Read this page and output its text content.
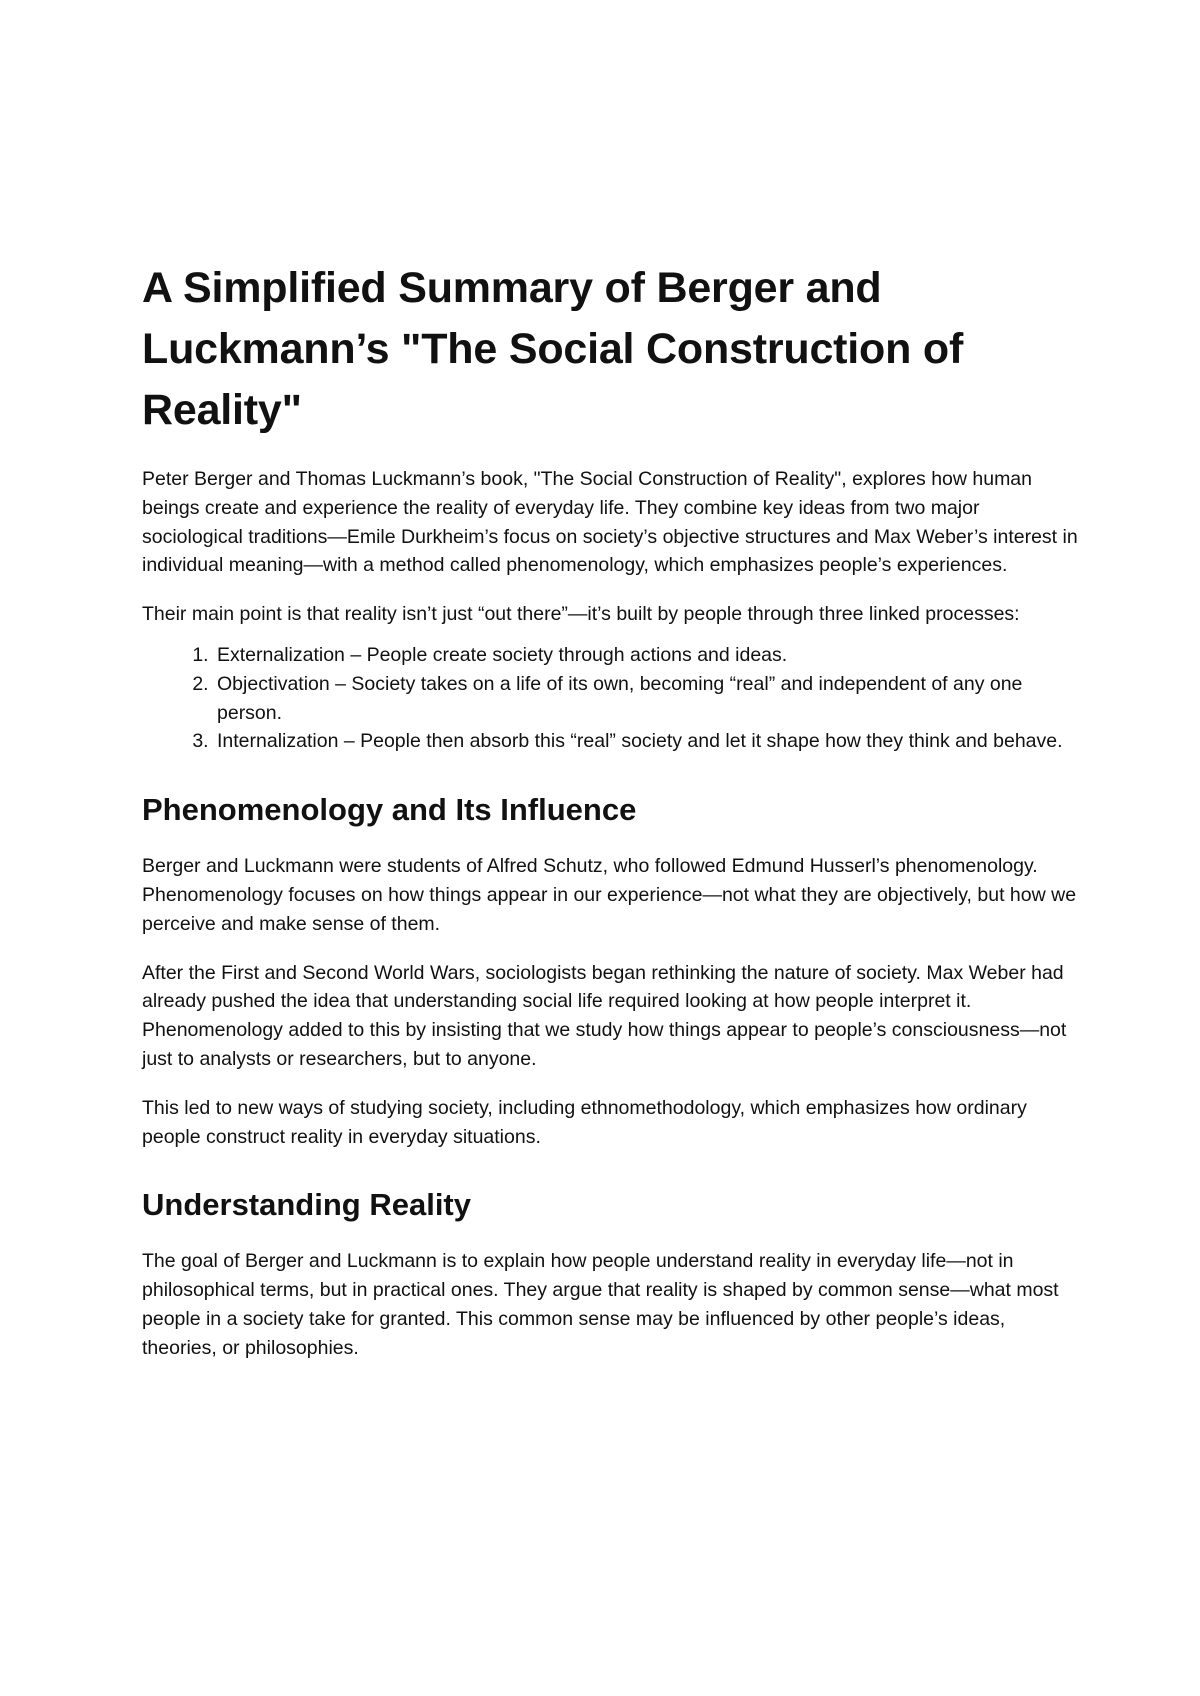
A Simplified Summary of Berger and Luckmann’s "The Social Construction of Reality"

Peter Berger and Thomas Luckmann’s book, "The Social Construction of Reality", explores how human beings create and experience the reality of everyday life. They combine key ideas from two major sociological traditions—Emile Durkheim’s focus on society’s objective structures and Max Weber’s interest in individual meaning—with a method called phenomenology, which emphasizes people’s experiences.

Their main point is that reality isn’t just “out there”—it’s built by people through three linked processes:

1. Externalization – People create society through actions and ideas.
2. Objectivation – Society takes on a life of its own, becoming “real” and independent of any one person.
3. Internalization – People then absorb this “real” society and let it shape how they think and behave.
Phenomenology and Its Influence

Berger and Luckmann were students of Alfred Schutz, who followed Edmund Husserl’s phenomenology. Phenomenology focuses on how things appear in our experience—not what they are objectively, but how we perceive and make sense of them.

After the First and Second World Wars, sociologists began rethinking the nature of society. Max Weber had already pushed the idea that understanding social life required looking at how people interpret it. Phenomenology added to this by insisting that we study how things appear to people’s consciousness—not just to analysts or researchers, but to anyone.

This led to new ways of studying society, including ethnomethodology, which emphasizes how ordinary people construct reality in everyday situations.

Understanding Reality

The goal of Berger and Luckmann is to explain how people understand reality in everyday life—not in philosophical terms, but in practical ones. They argue that reality is shaped by common sense—what most people in a society take for granted. This common sense may be influenced by other people’s ideas, theories, or philosophies.
